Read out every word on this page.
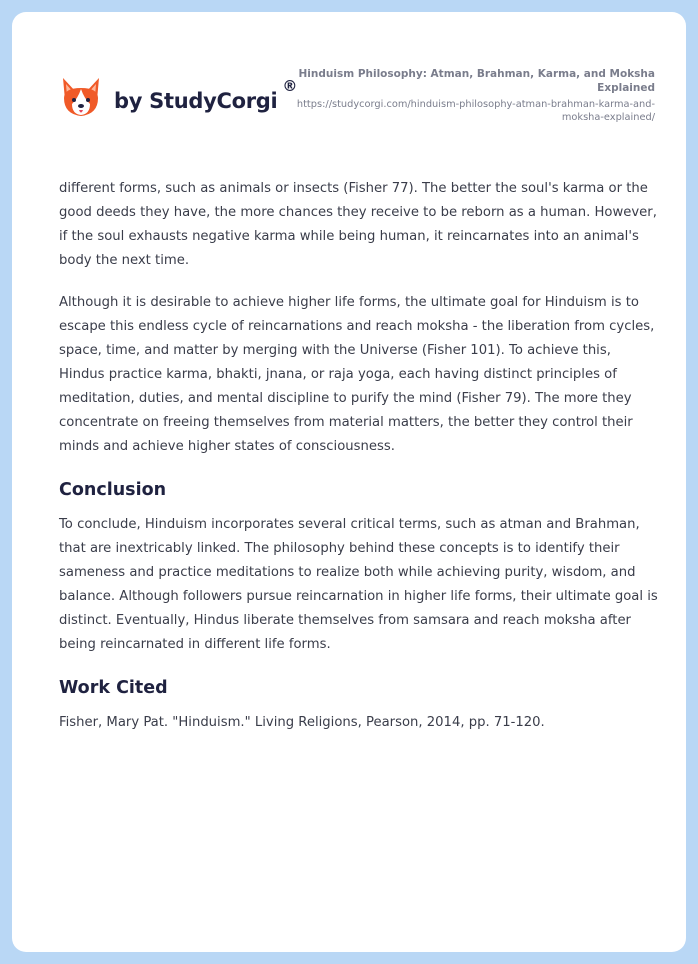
by StudyCorgi
®
Hinduism Philosophy: Atman, Brahman, Karma, and Moksha Explained
https://studycorgi.com/hinduism-philosophy-atman-brahman-karma-and-moksha-explained/

different forms, such as animals or insects (Fisher 77). The better the soul's karma or the good deeds they have, the more chances they receive to be reborn as a human. However, if the soul exhausts negative karma while being human, it reincarnates into an animal's body the next time.

Although it is desirable to achieve higher life forms, the ultimate goal for Hinduism is to escape this endless cycle of reincarnations and reach moksha - the liberation from cycles, space, time, and matter by merging with the Universe (Fisher 101). To achieve this, Hindus practice karma, bhakti, jnana, or raja yoga, each having distinct principles of meditation, duties, and mental discipline to purify the mind (Fisher 79). The more they concentrate on freeing themselves from material matters, the better they control their minds and achieve higher states of consciousness.

Conclusion

To conclude, Hinduism incorporates several critical terms, such as atman and Brahman, that are inextricably linked. The philosophy behind these concepts is to identify their sameness and practice meditations to realize both while achieving purity, wisdom, and balance. Although followers pursue reincarnation in higher life forms, their ultimate goal is distinct. Eventually, Hindus liberate themselves from samsara and reach moksha after being reincarnated in different life forms.

Work Cited

Fisher, Mary Pat. "Hinduism." Living Religions, Pearson, 2014, pp. 71-120.
